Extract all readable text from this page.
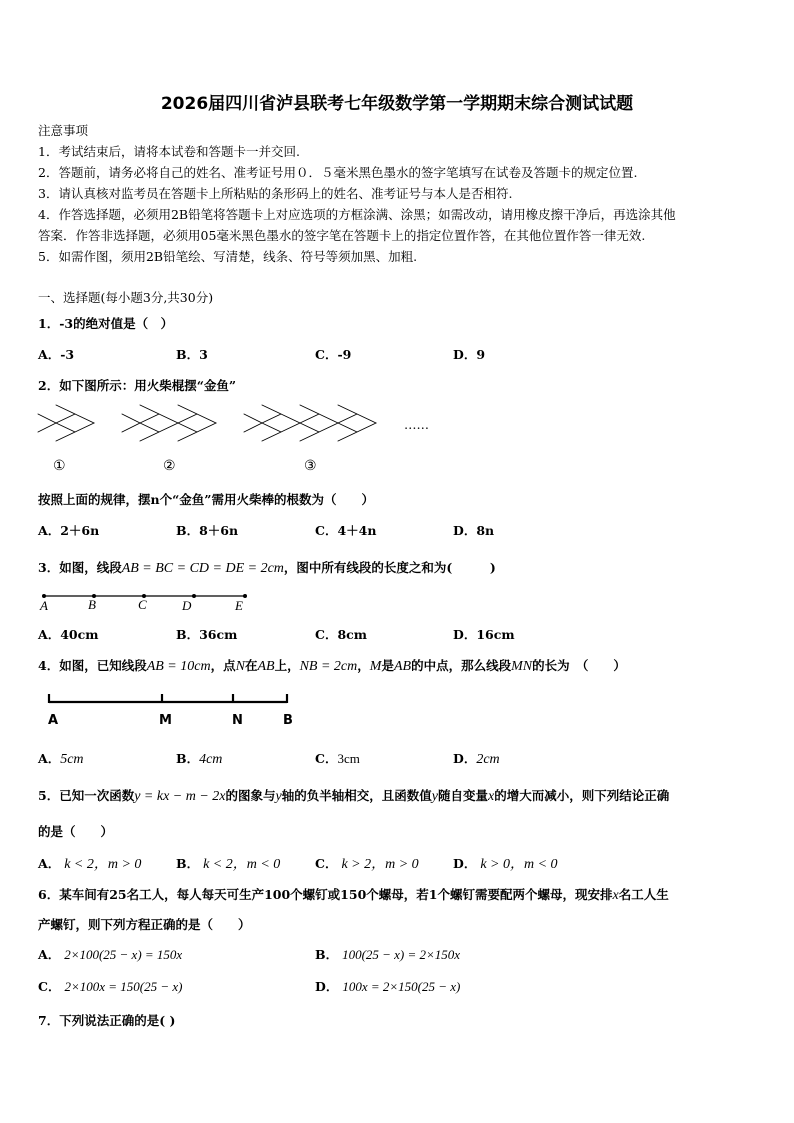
2026届四川省泸县联考七年级数学第一学期期末综合测试试题
注意事项
1．考试结束后，请将本试卷和答题卡一并交回.
2．答题前，请务必将自己的姓名、准考证号用０．５毫米黑色墨水的签字笔填写在试卷及答题卡的规定位置.
3．请认真核对监考员在答题卡上所粘贴的条形码上的姓名、准考证号与本人是否相符.
4．作答选择题，必须用2B铅笔将答题卡上对应选项的方框涂满、涂黑；如需改动，请用橡皮擦干净后，再选涂其他
答案．作答非选择题，必须用05毫米黑色墨水的签字笔在答题卡上的指定位置作答，在其他位置作答一律无效.
5．如需作图，须用2B铅笔绘、写清楚，线条、符号等须加黑、加粗.
一、选择题(每小题3分,共30分)
1．-3的绝对值是（　）
A．-3	B．3	C．-9	D．9
2．如下图所示：用火柴棍摆“金鱼”
……
①	②	③
按照上面的规律，摆n个“金鱼”需用火柴棒的根数为（　　）
A．2＋6n	B．8＋6n	C．4＋4n	D．8n
3．如图，线段AB = BC = CD = DE = 2cm，图中所有线段的长度之和为(　　　)
A	B	C	D	E
A．40cm	B．36cm	C．8cm	D．16cm
4．如图，已知线段AB = 10cm，点N在AB上，NB = 2cm，M是AB的中点，那么线段MN的长为　（　　）
A	M	N	B
A．5cm	B．4cm	C．3cm	D．2cm
5．已知一次函数y = kx − m − 2x的图象与y轴的负半轴相交，且函数值y随自变量x的增大而减小，则下列结论正确
的是（　　）
A． k < 2，m > 0	B． k < 2，m < 0	C． k > 2，m > 0	D． k > 0，m < 0
6．某车间有25名工人，每人每天可生产100个螺钉或150个螺母，若1个螺钉需要配两个螺母，现安排x名工人生
产螺钉，则下列方程正确的是（　　）
A． 2×100(25 − x) = 150x	B． 100(25 − x) = 2×150x
C． 2×100x = 150(25 − x)	D． 100x = 2×150(25 − x)
7．下列说法正确的是( )
